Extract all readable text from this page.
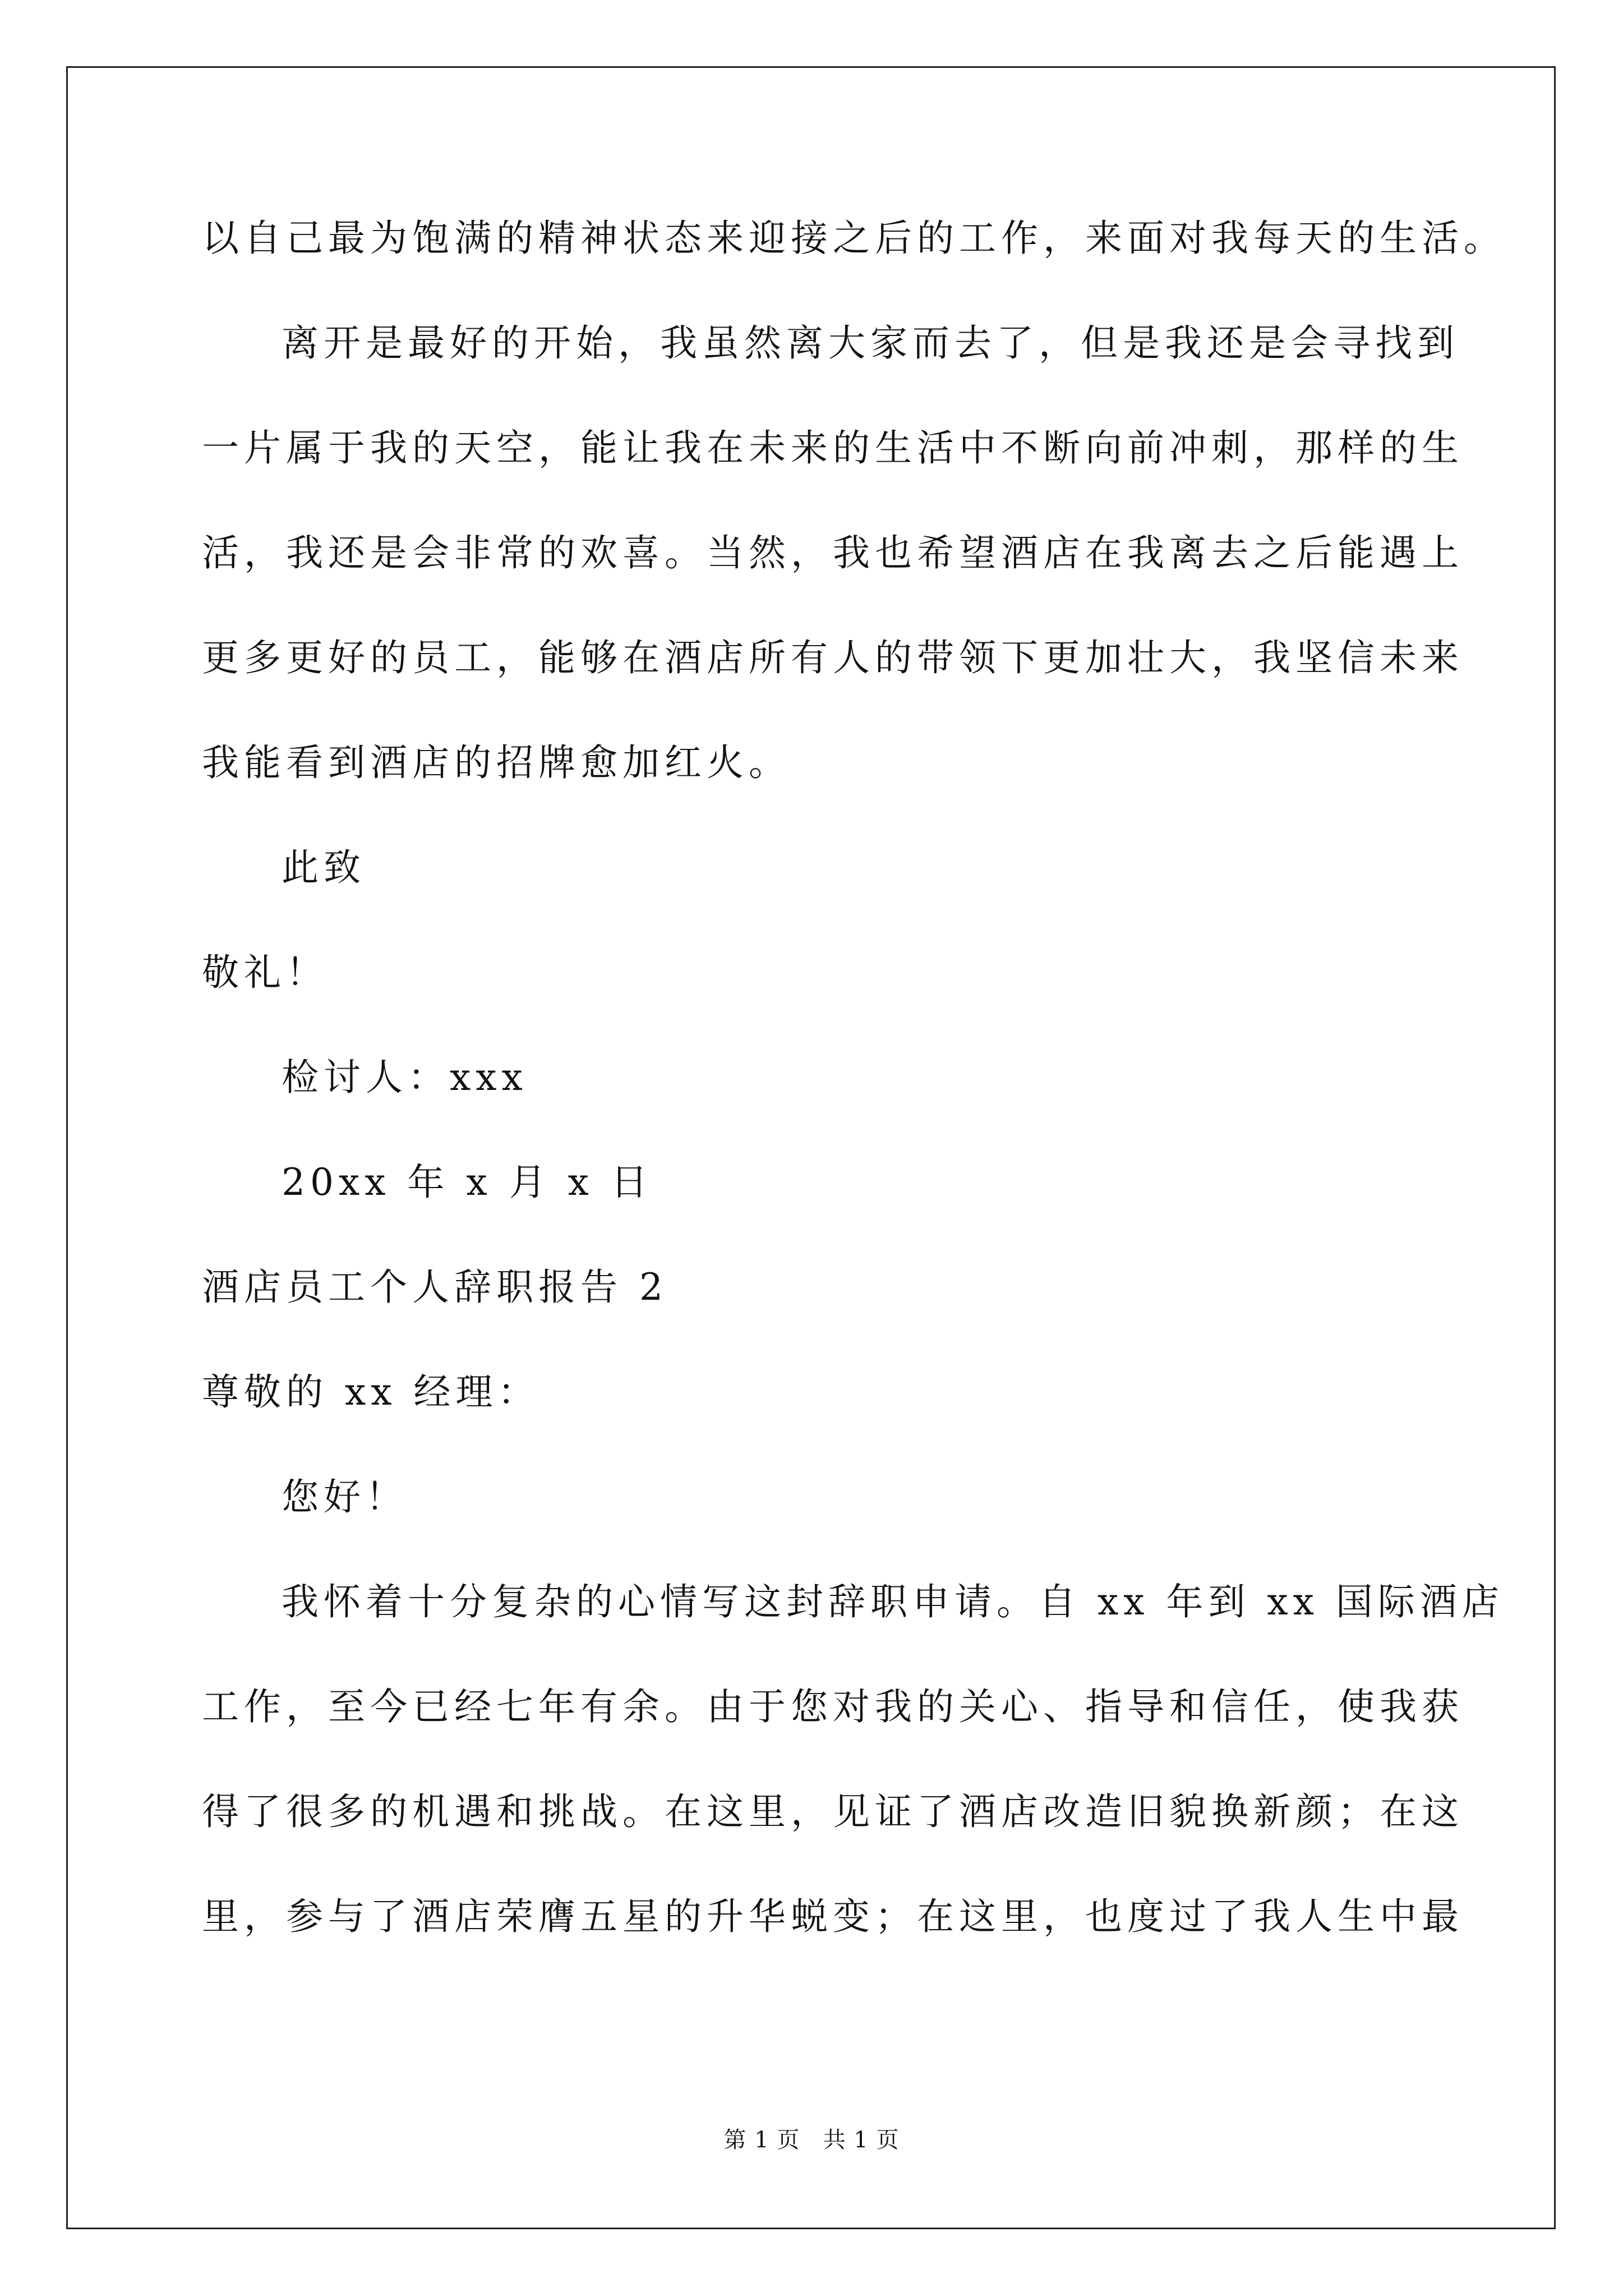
以自己最为饱满的精神状态来迎接之后的工作，来面对我每天的生活。
离开是最好的开始，我虽然离大家而去了，但是我还是会寻找到
一片属于我的天空，能让我在未来的生活中不断向前冲刺，那样的生
活，我还是会非常的欢喜。当然，我也希望酒店在我离去之后能遇上
更多更好的员工，能够在酒店所有人的带领下更加壮大，我坚信未来
我能看到酒店的招牌愈加红火。
此致
敬礼！
检讨人：xxx
20xx 年 x 月 x 日
酒店员工个人辞职报告 2
尊敬的 xx 经理：
您好！
我怀着十分复杂的心情写这封辞职申请。自 xx 年到 xx 国际酒店
工作，至今已经七年有余。由于您对我的关心、指导和信任，使我获
得了很多的机遇和挑战。在这里，见证了酒店改造旧貌换新颜；在这
里，参与了酒店荣膺五星的升华蜕变；在这里，也度过了我人生中最
第 1 页   共 1 页
